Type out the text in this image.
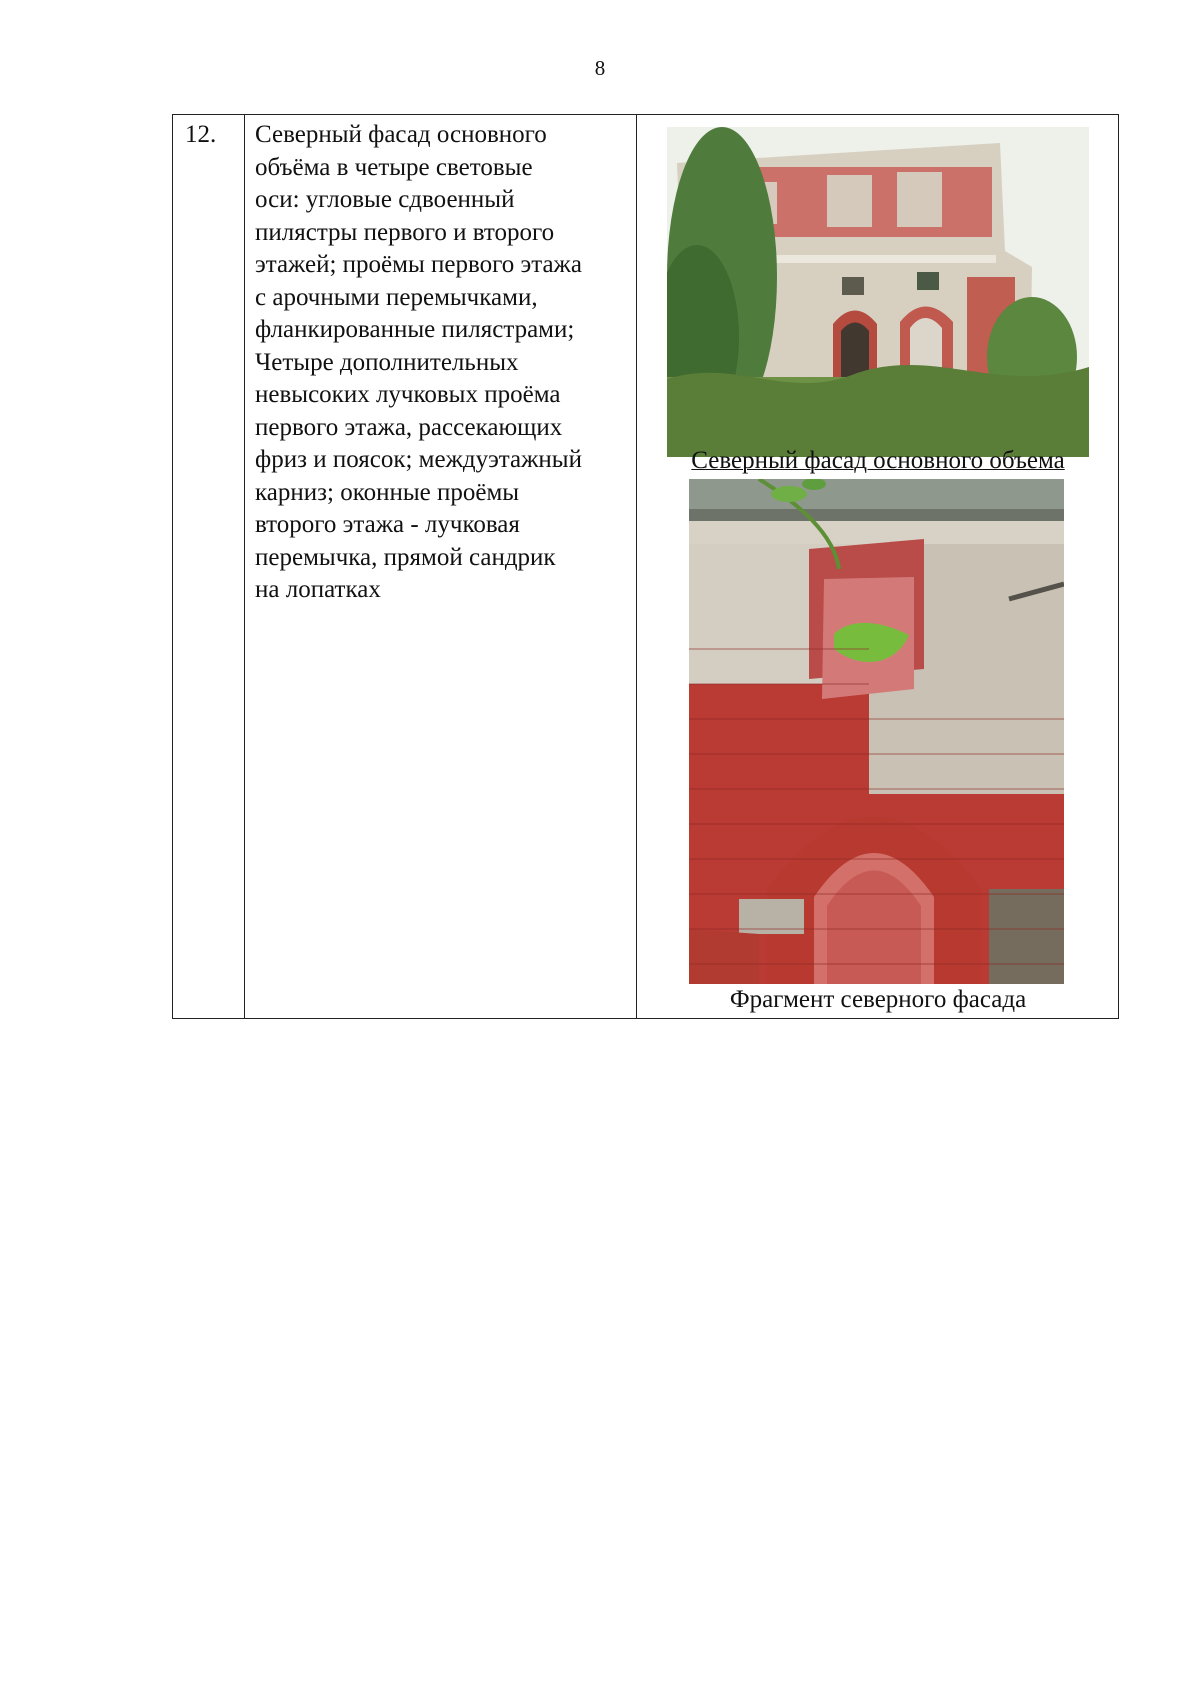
8
12.	Северный фасад основного
объёма в четыре световые
оси: угловые сдвоенный
пилястры первого и второго
этажей; проёмы первого этажа
с арочными перемычками,
фланкированные пилястрами;
Четыре дополнительных
невысоких лучковых проёма
первого этажа, рассекающих
фриз и поясок; междуэтажный
карниз; оконные проёмы
второго этажа - лучковая
перемычка, прямой сандрик
на лопатках

Северный фасад основного объема
Фрагмент северного фасада
